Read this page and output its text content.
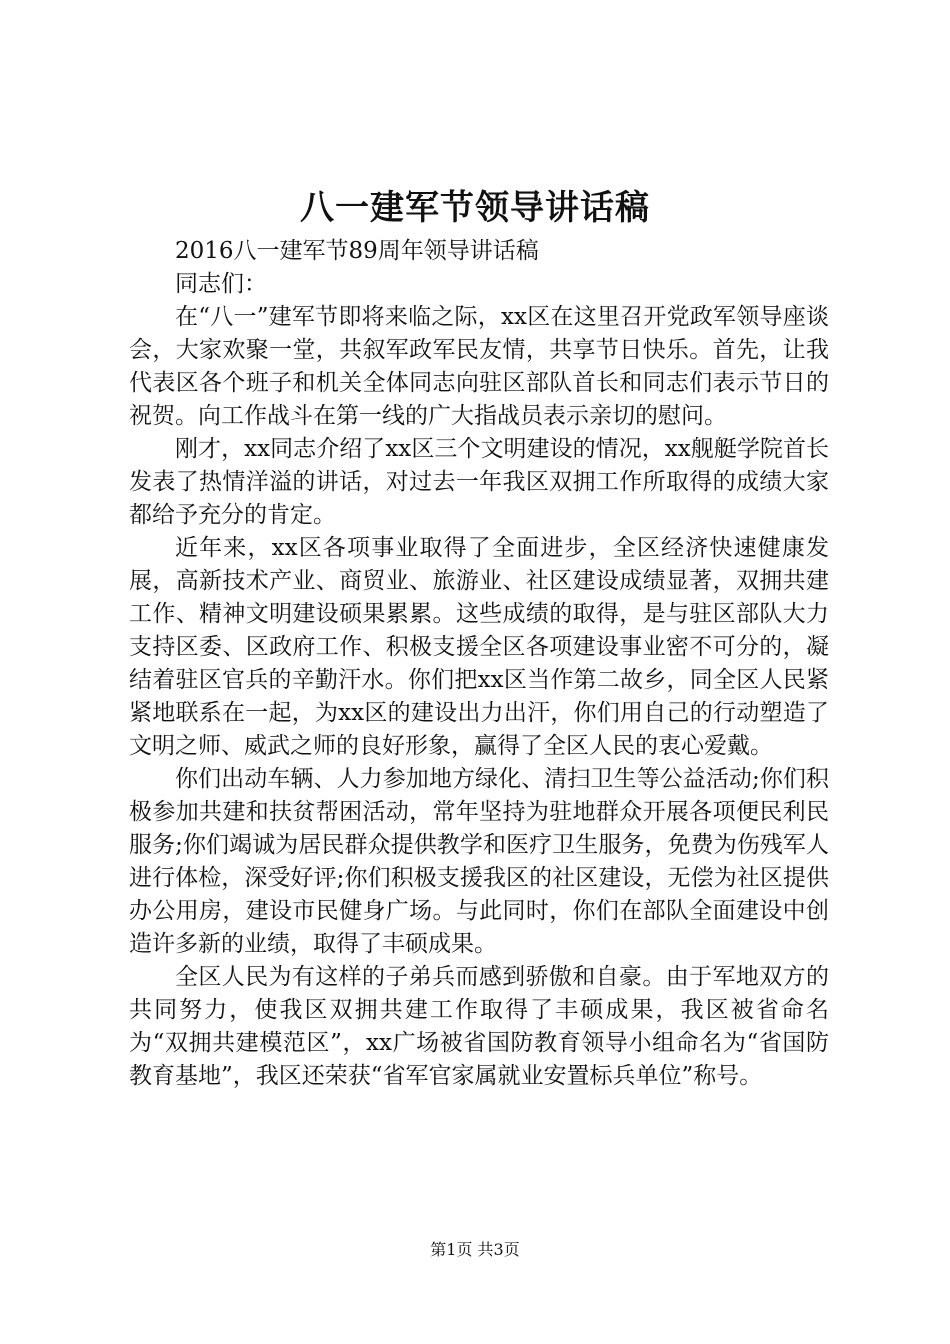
八一建军节领导讲话稿

2016八一建军节89周年领导讲话稿

同志们：

在“八一”建军节即将来临之际，xx区在这里召开党政军领导座谈会，大家欢聚一堂，共叙军政军民友情，共享节日快乐。首先，让我代表区各个班子和机关全体同志向驻区部队首长和同志们表示节日的祝贺。向工作战斗在第一线的广大指战员表示亲切的慰问。

刚才，xx同志介绍了xx区三个文明建设的情况，xx舰艇学院首长发表了热情洋溢的讲话，对过去一年我区双拥工作所取得的成绩大家都给予充分的肯定。

近年来，xx区各项事业取得了全面进步，全区经济快速健康发展，高新技术产业、商贸业、旅游业、社区建设成绩显著，双拥共建工作、精神文明建设硕果累累。这些成绩的取得，是与驻区部队大力支持区委、区政府工作、积极支援全区各项建设事业密不可分的，凝结着驻区官兵的辛勤汗水。你们把xx区当作第二故乡，同全区人民紧紧地联系在一起，为xx区的建设出力出汗，你们用自己的行动塑造了文明之师、威武之师的良好形象，赢得了全区人民的衷心爱戴。

你们出动车辆、人力参加地方绿化、清扫卫生等公益活动;你们积极参加共建和扶贫帮困活动，常年坚持为驻地群众开展各项便民利民服务;你们竭诚为居民群众提供教学和医疗卫生服务，免费为伤残军人进行体检，深受好评;你们积极支援我区的社区建设，无偿为社区提供办公用房，建设市民健身广场。与此同时，你们在部队全面建设中创造许多新的业绩，取得了丰硕成果。

全区人民为有这样的子弟兵而感到骄傲和自豪。由于军地双方的共同努力，使我区双拥共建工作取得了丰硕成果，我区被省命名为“双拥共建模范区”，xx广场被省国防教育领导小组命名为“省国防教育基地”，我区还荣获“省军官家属就业安置标兵单位”称号。

第1页 共3页
